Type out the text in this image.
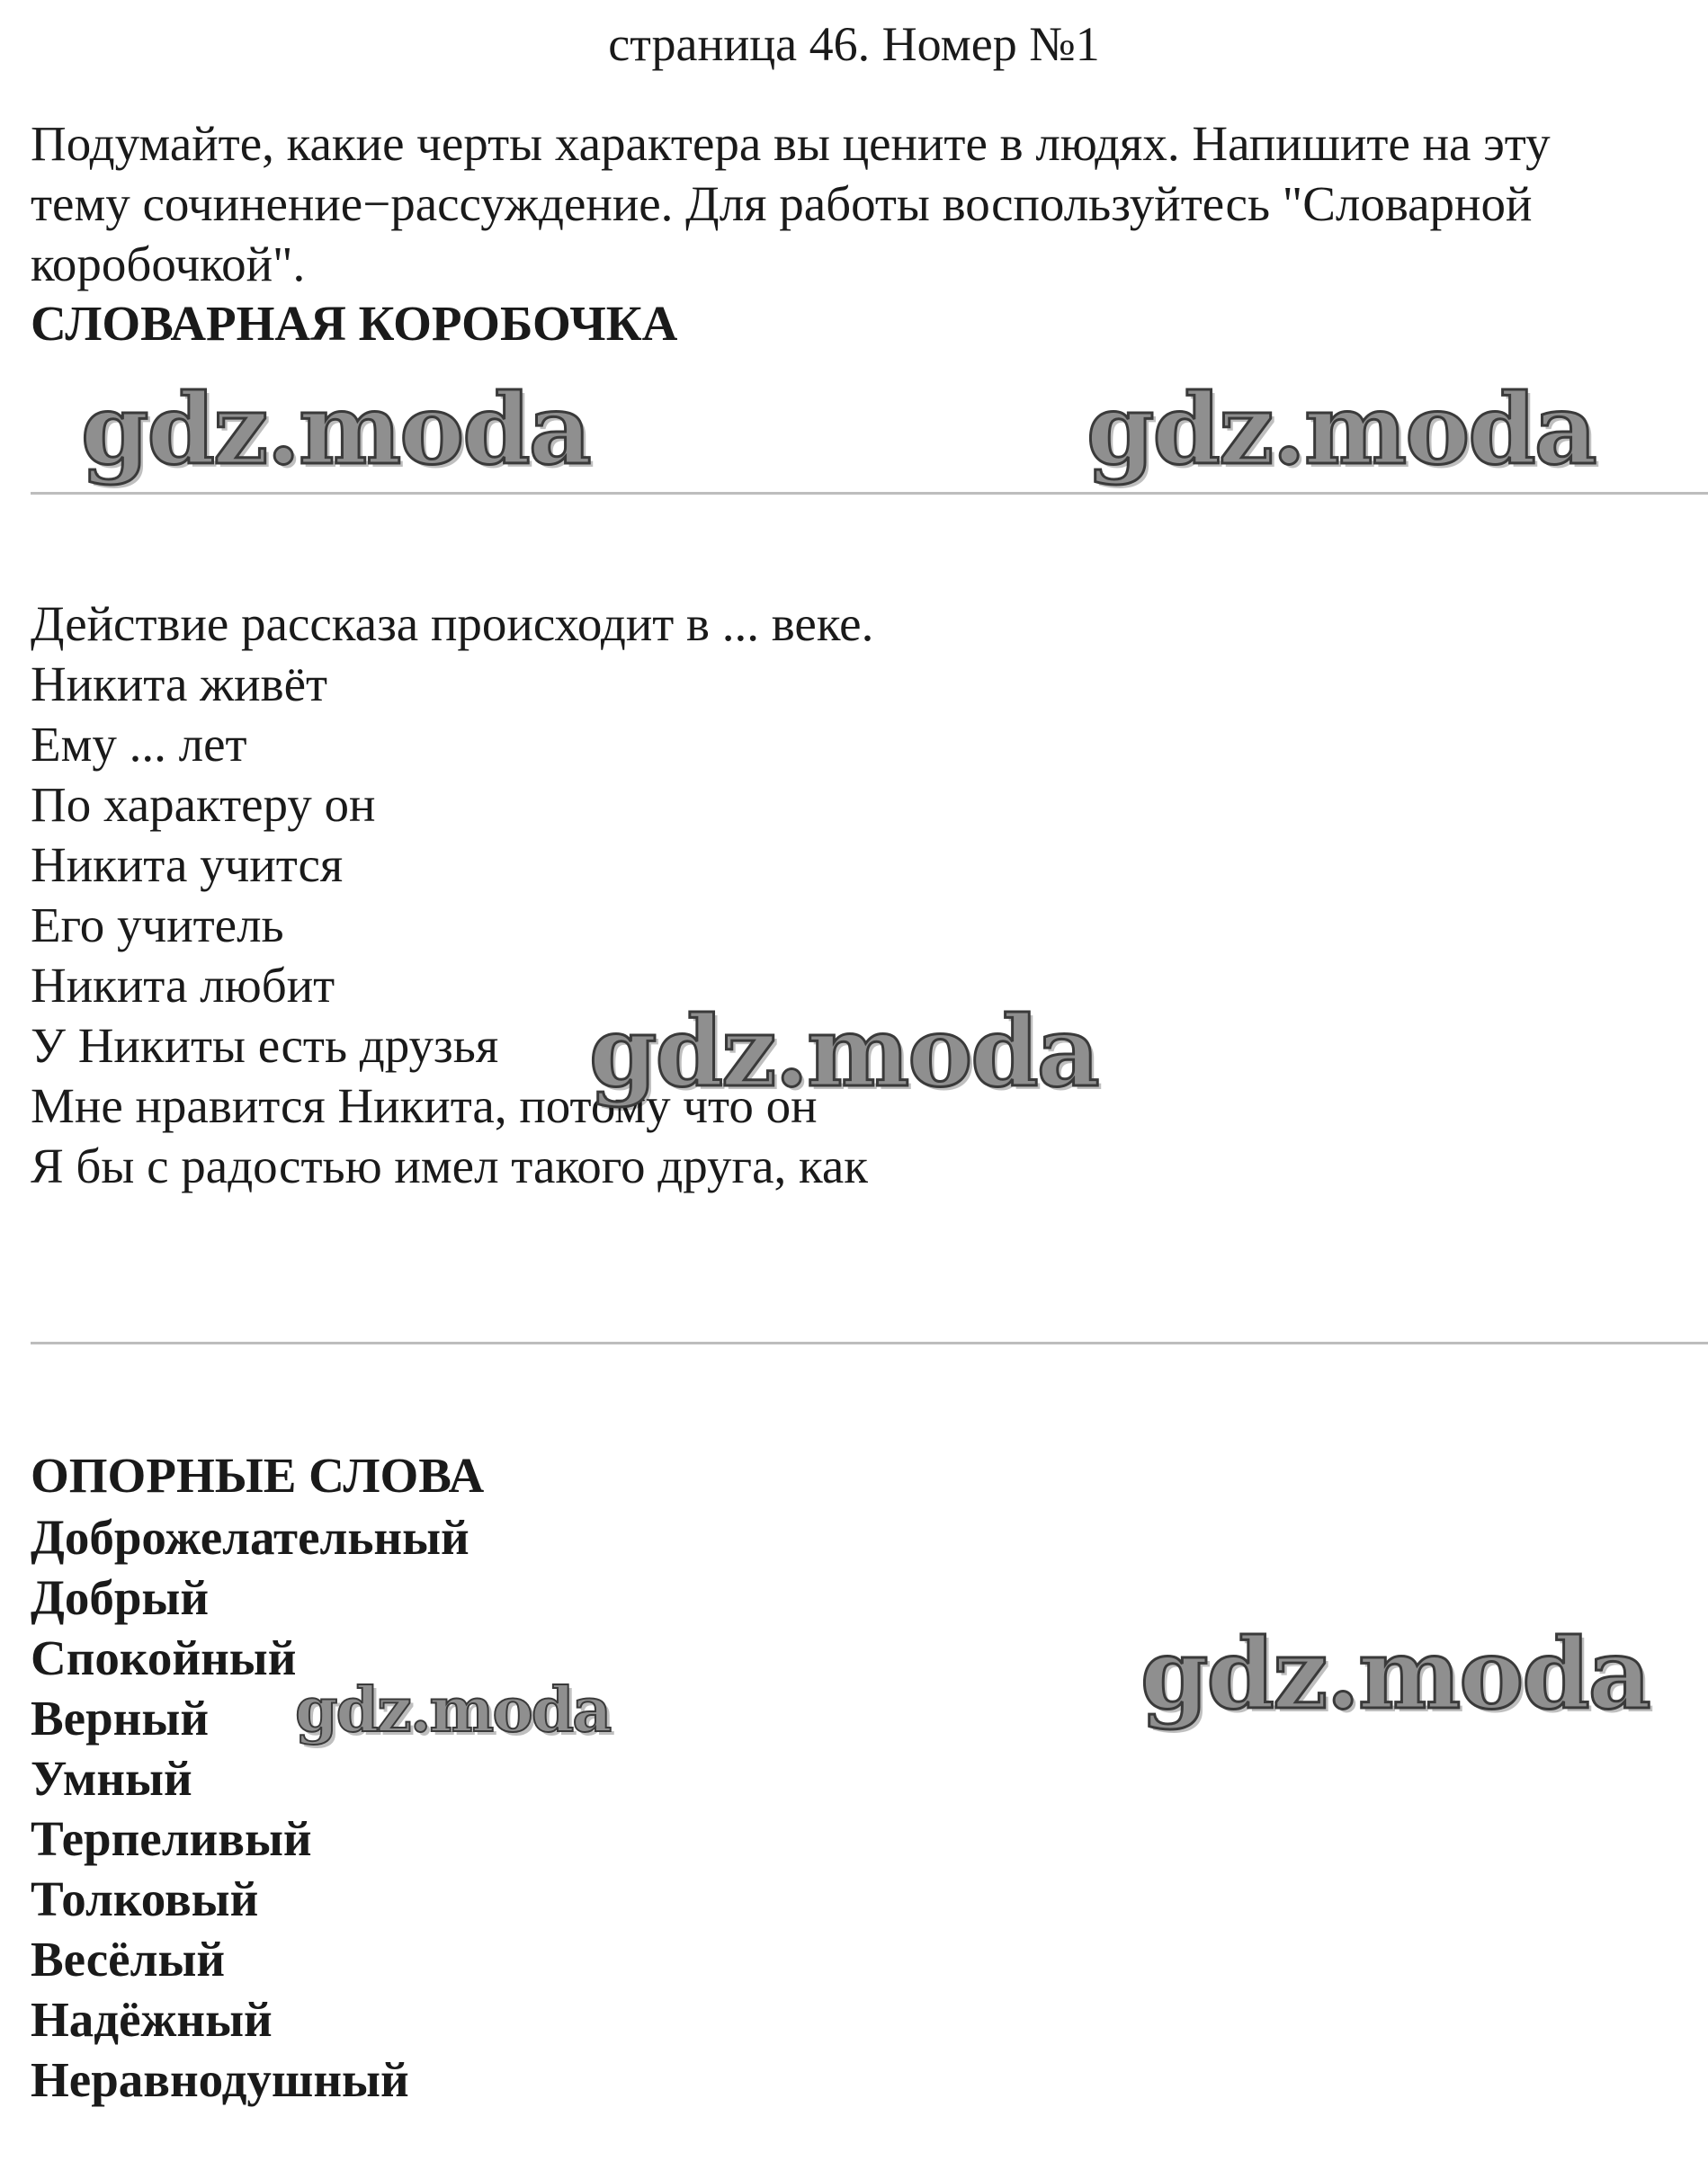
страница 46. Номер №1
Подумайте, какие черты характера вы цените в людях. Напишите на эту
тему сочинение−рассуждение. Для работы воспользуйтесь "Словарной
коробочкой".
СЛОВАРНАЯ КОРОБОЧКА
gdz.moda	gdz.moda
Действие рассказа происходит в ... веке.
Никита живёт
Ему ... лет
По характеру он
Никита учится
Его учитель
Никита любит
У Никиты есть друзья
Мне нравится Никита, потому что он
Я бы с радостью имел такого друга, как
gdz.moda
ОПОРНЫЕ СЛОВА
Доброжелательный
Добрый
Спокойный
Верный
Умный
Терпеливый
Толковый
Весёлый
Надёжный
Неравнодушный
gdz.moda	gdz.moda
